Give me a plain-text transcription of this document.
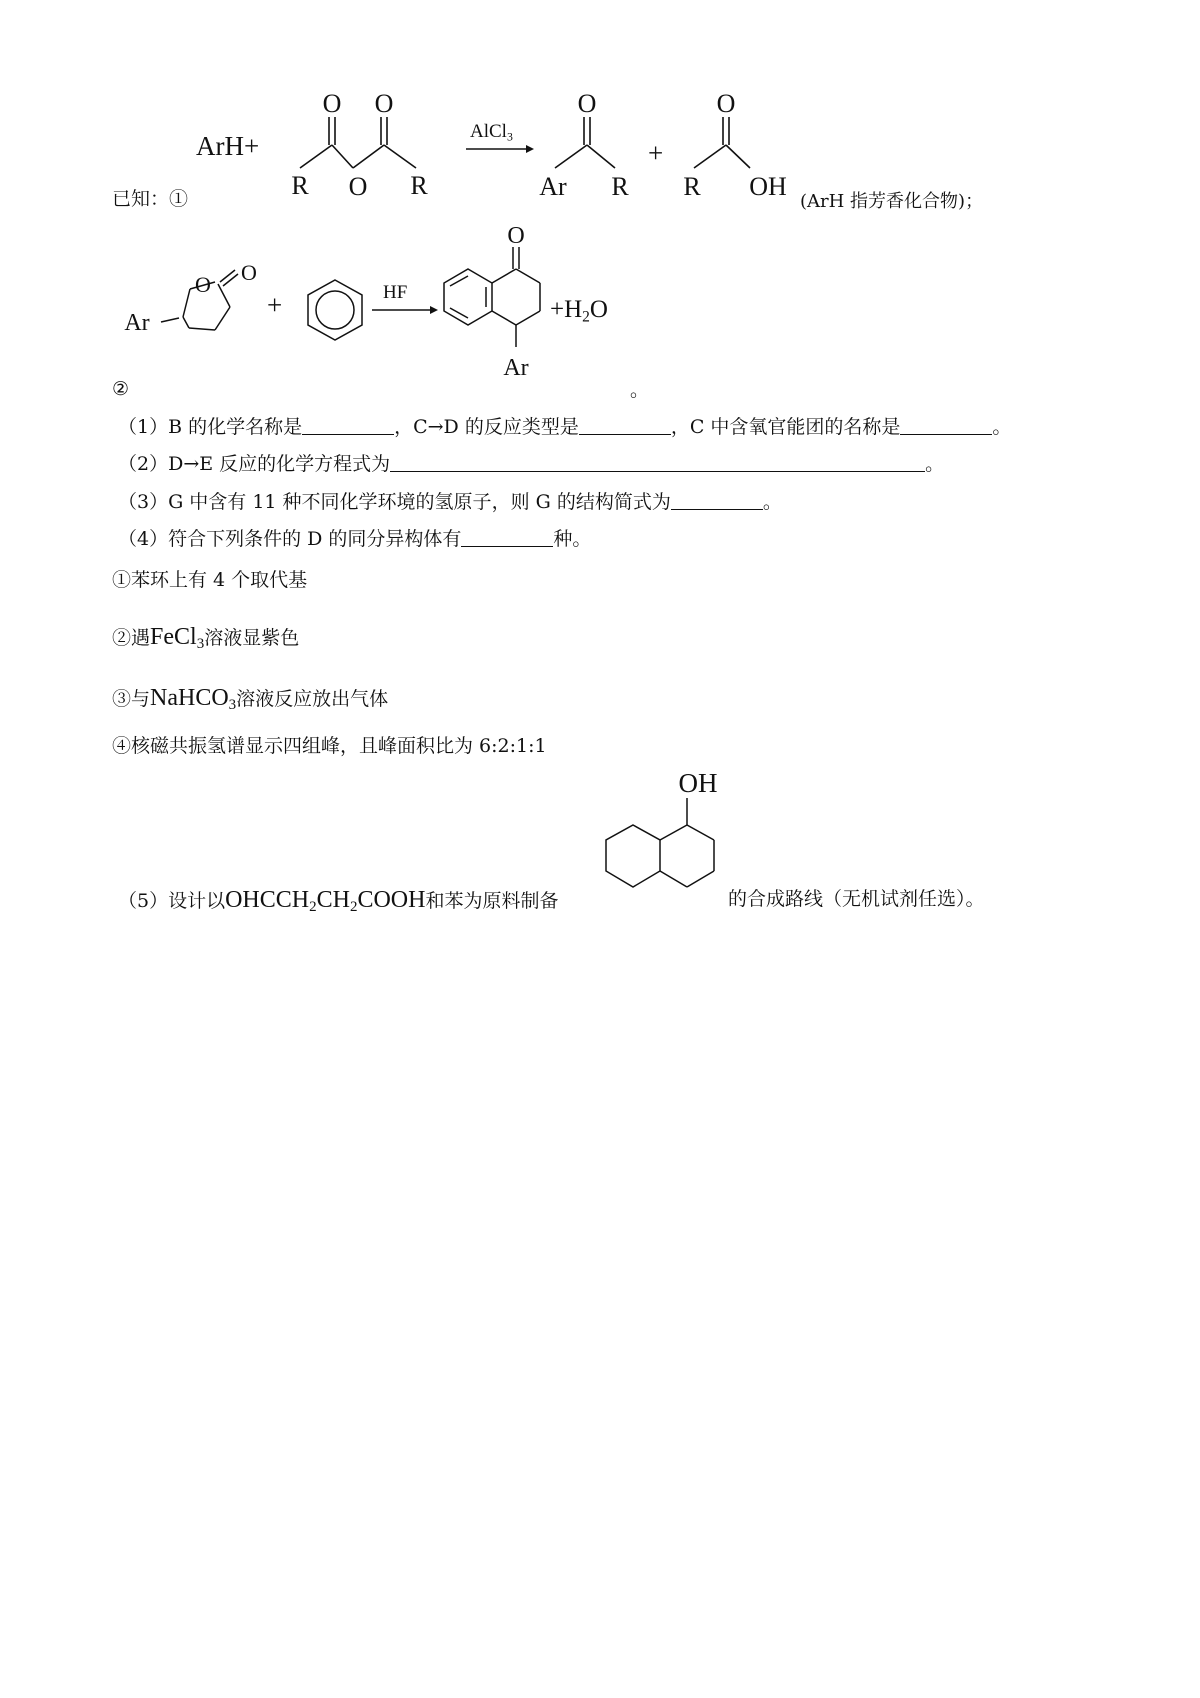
已知：①
ArH+
O O
R O R
AlCl$_3$
O
Ar R
+
O
R OH
(ArH 指芳香化合物)；
Ar
O O
+	HF
O
Ar
$+H_2O$
②	。
（1）B 的化学名称是	，C→D 的反应类型是	，C 中含氧官能团的名称是	。
（2）D→E 反应的化学方程式为	。
（3）G 中含有 11 种不同化学环境的氢原子，则 G 的结构简式为	。
（4）符合下列条件的 D 的同分异构体有	种。
①苯环上有 4 个取代基
②遇FeCl$_3$溶液显紫色
③与NaHCO$_3$溶液反应放出气体
④核磁共振氢谱显示四组峰，且峰面积比为 6:2:1:1
（5）设计以$OHCCH_2CH_2COOH$和苯为原料制备
OH
的合成路线（无机试剂任选）。
